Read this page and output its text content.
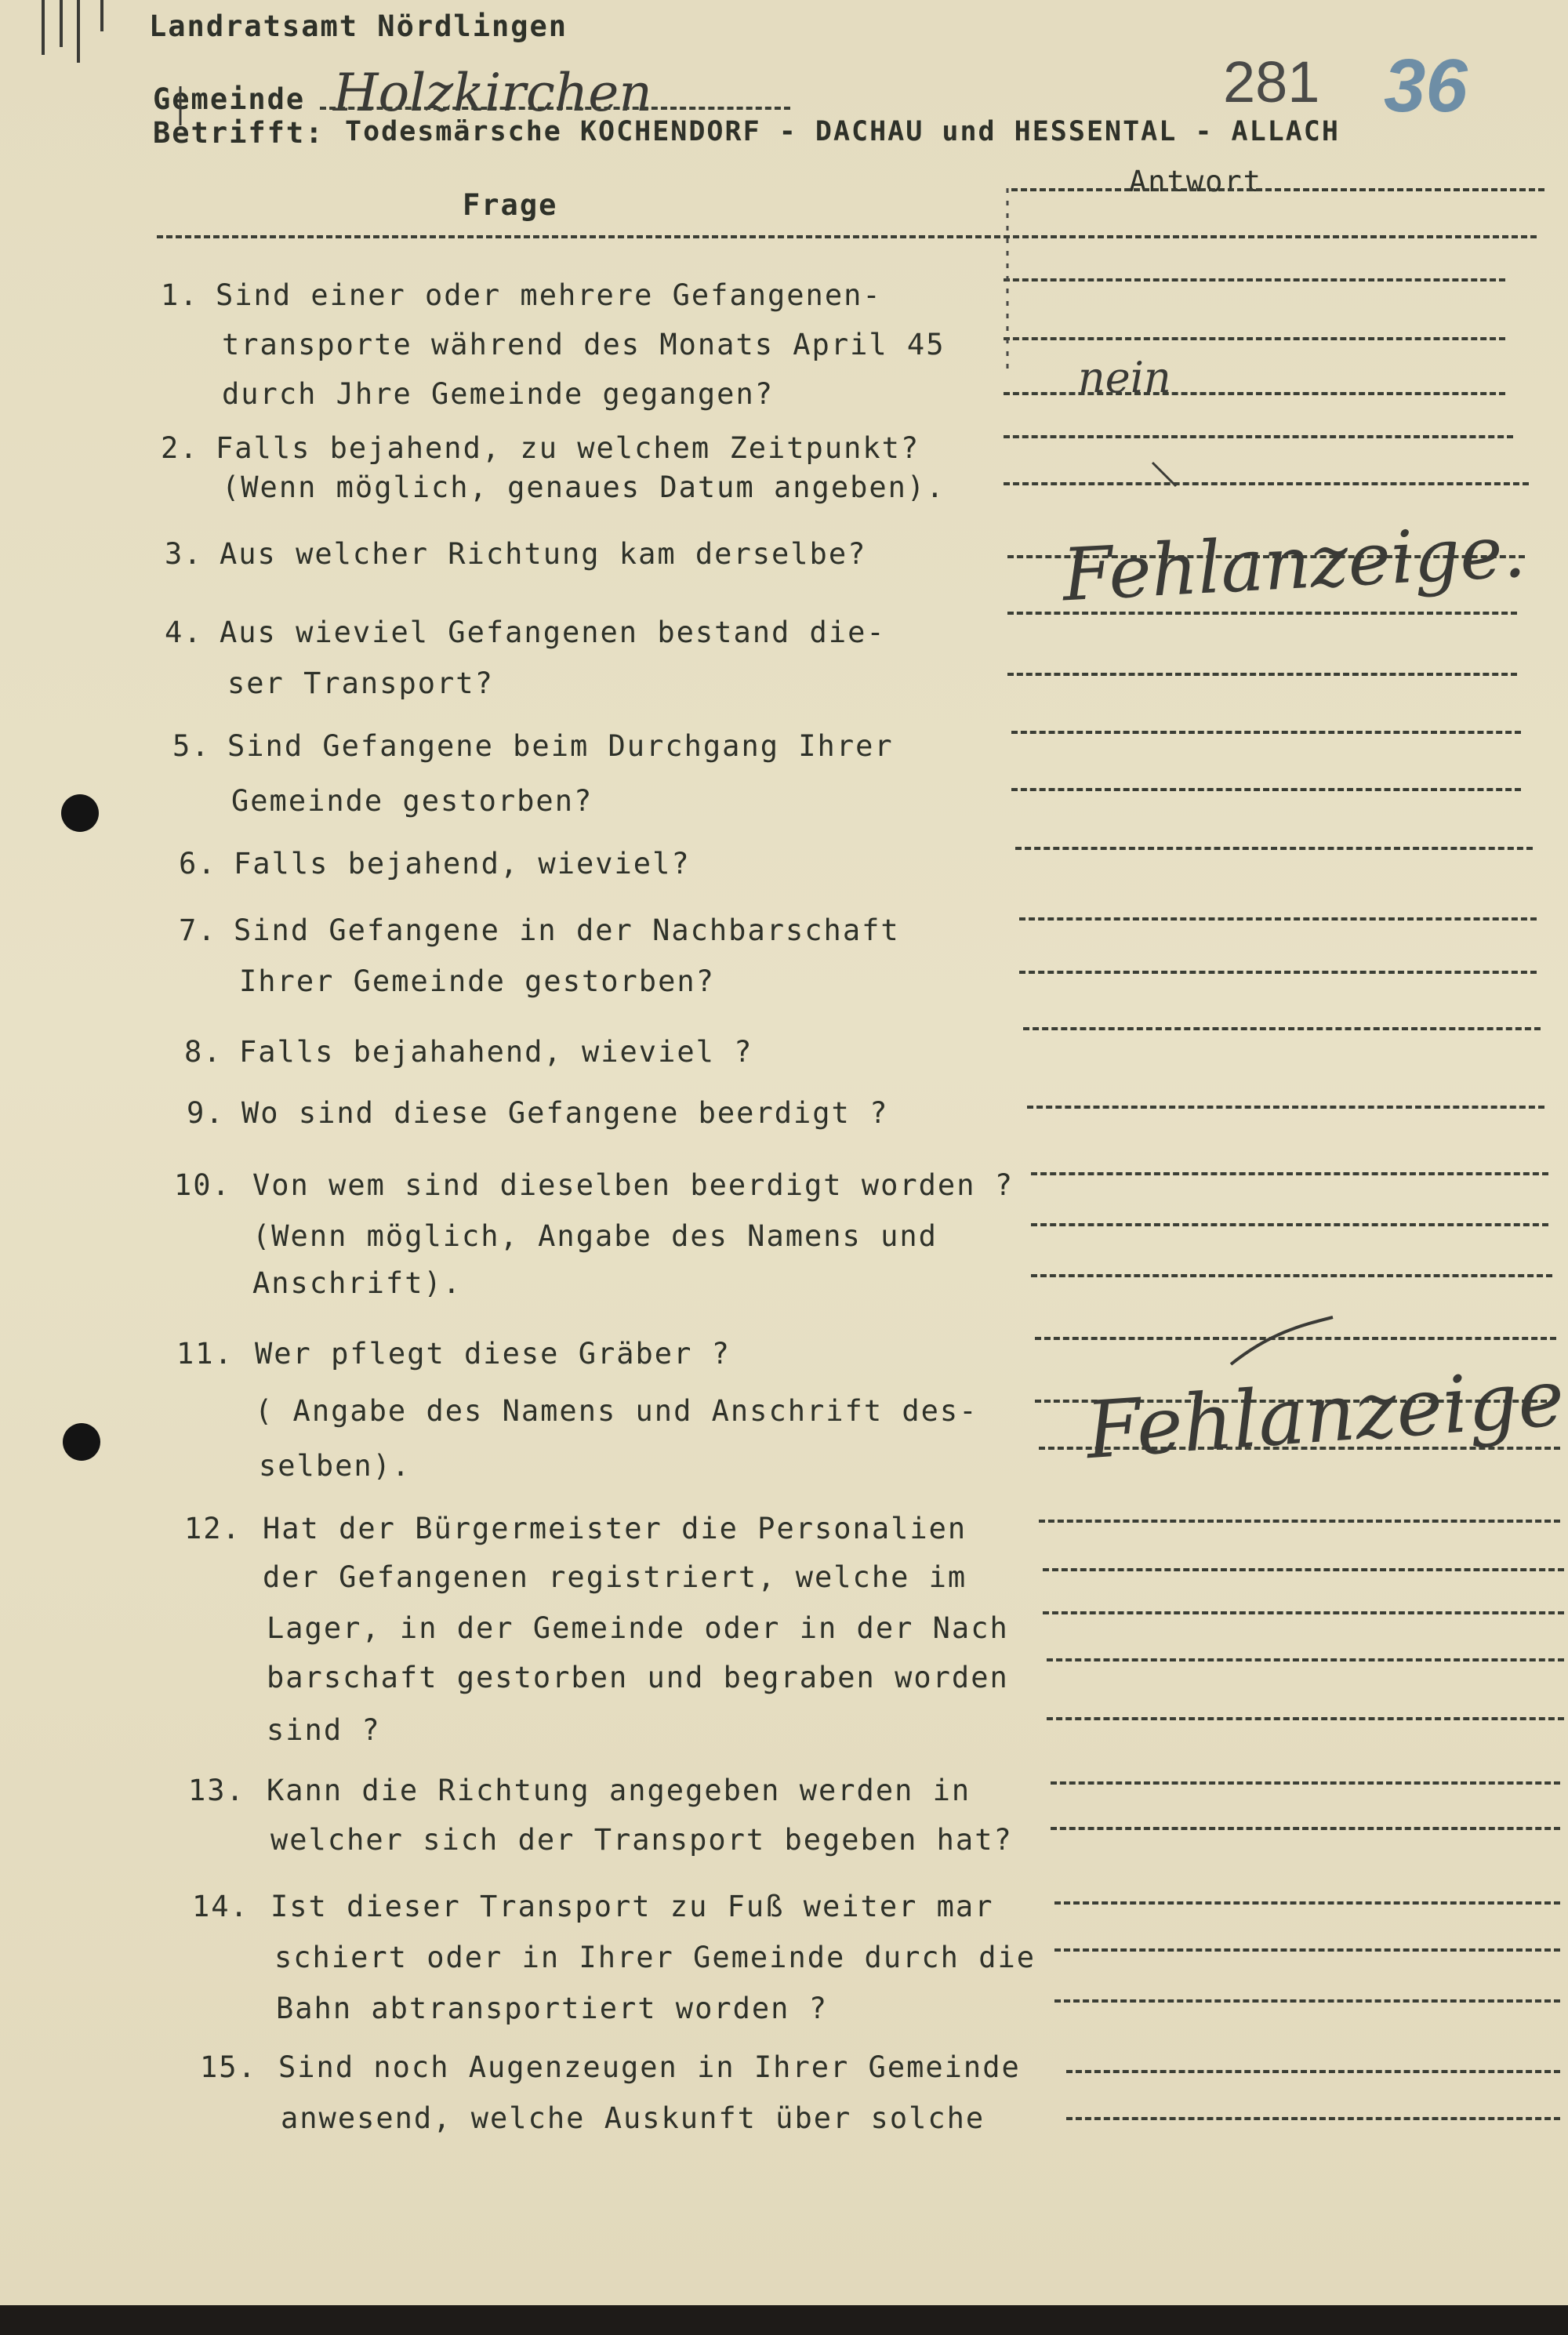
Landratsamt Nördlingen
Gemeinde Holzkirchen	281 36
Betrifft: Todesmärsche KOCHENDORF - DACHAU und HESSENTAL - ALLACH
Frage
Antwort
1. Sind einer oder mehrere Gefangenen-
transporte während des Monats April 45
durch Jhre Gemeinde gegangen?
2. Falls bejahend, zu welchem Zeitpunkt?
(Wenn möglich, genaues Datum angeben).
3. Aus welcher Richtung kam derselbe?
4. Aus wieviel Gefangenen bestand die-
ser Transport?
5. Sind Gefangene beim Durchgang Ihrer
Gemeinde gestorben?
6. Falls bejahend, wieviel?
7. Sind Gefangene in der Nachbarschaft
Ihrer Gemeinde gestorben?
8. Falls bejahahend, wieviel ?
9. Wo sind diese Gefangene beerdigt ?
10. Von wem sind dieselben beerdigt worden ?
(Wenn möglich, Angabe des Namens und
Anschrift).
11. Wer pflegt diese Gräber ?
( Angabe des Namens und Anschrift des-
selben).
12. Hat der Bürgermeister die Personalien
der Gefangenen registriert, welche im
Lager, in der Gemeinde oder in der Nach
barschaft gestorben und begraben worden
sind ?
13. Kann die Richtung angegeben werden in
welcher sich der Transport begeben hat?
14. Ist dieser Transport zu Fuß weiter mar
schiert oder in Ihrer Gemeinde durch die
Bahn abtransportiert worden ?
15. Sind noch Augenzeugen in Ihrer Gemeinde
anwesend, welche Auskunft über solche
nein
Fehlanzeige.
Fehlanzeige
